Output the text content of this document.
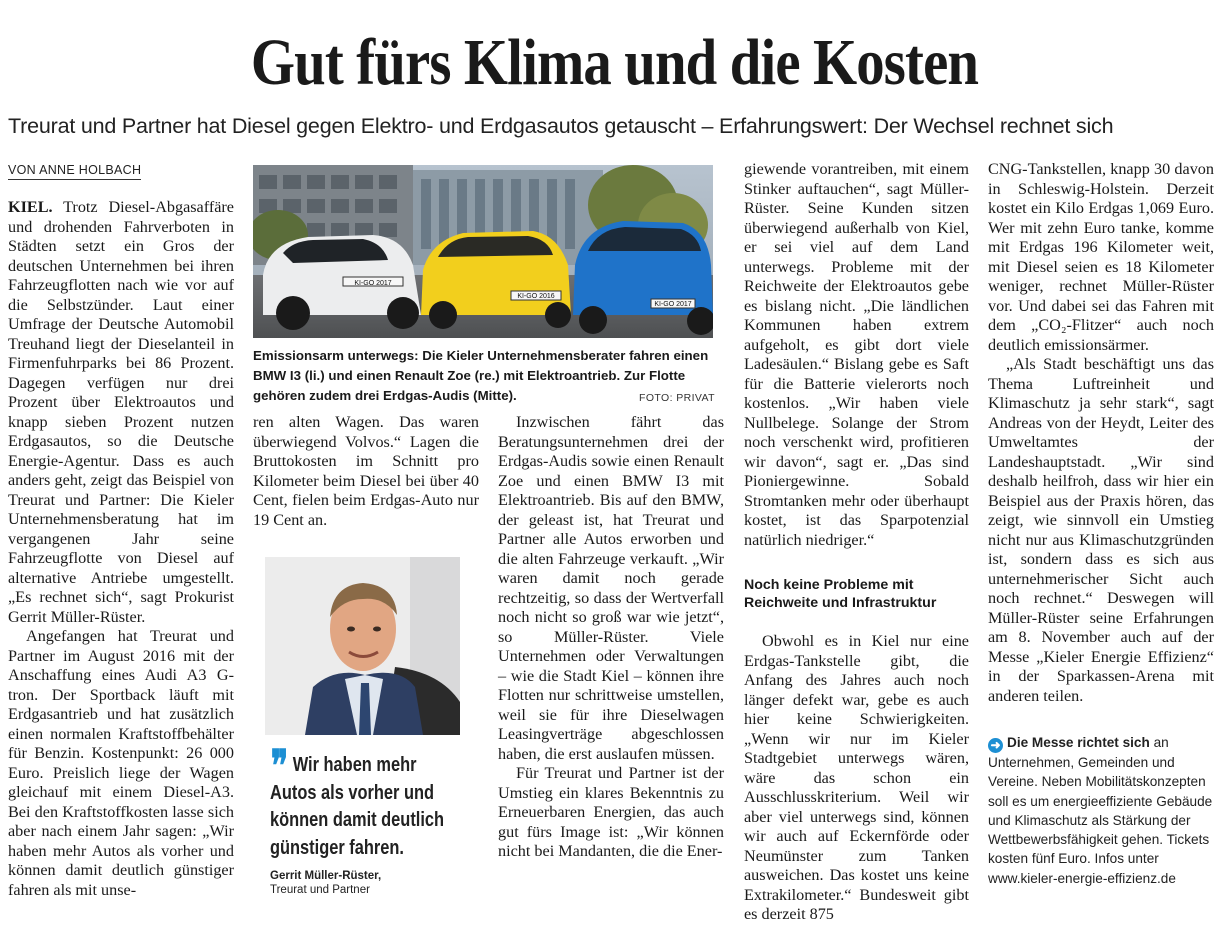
Gut fürs Klima und die Kosten

Treurat und Partner hat Diesel gegen Elektro- und Erdgasautos getauscht – Erfahrungswert: Der Wechsel rechnet sich

VON ANNE HOLBACH

KIEL. Trotz Diesel-Abgasaffäre und drohenden Fahrverboten in Städten setzt ein Gros der deutschen Unternehmen bei ihren Fahrzeugflotten nach wie vor auf die Selbstzünder. Laut einer Umfrage der Deutsche Automobil Treuhand liegt der Dieselanteil in Firmenfuhrparks bei 86 Prozent. Dagegen verfügen nur drei Prozent über Elektroautos und knapp sieben Prozent nutzen Erdgasautos, so die Deutsche Energie-Agentur. Dass es auch anders geht, zeigt das Beispiel von Treurat und Partner: Die Kieler Unternehmensberatung hat im vergangenen Jahr seine Fahrzeugflotte von Diesel auf alternative Antriebe umgestellt. „Es rechnet sich“, sagt Prokurist Gerrit Müller-Rüster.

Angefangen hat Treurat und Partner im August 2016 mit der Anschaffung eines Audi A3 G-tron. Der Sportback läuft mit Erdgasantrieb und hat zusätzlich einen normalen Kraftstoffbehälter für Benzin. Kostenpunkt: 26 000 Euro. Preislich liege der Wagen gleichauf mit einem Diesel-A3. Bei den Kraftstoffkosten lasse sich aber nach einem Jahr sagen: „Wir haben mehr Autos als vorher und können damit deutlich günstiger fahren als mit unse-

KI-GO 2017
KI-GO 2016
KI-GO 2017
Emissionsarm unterwegs: Die Kieler Unternehmensberater fahren einen BMW I3 (li.) und einen Renault Zoe (re.) mit Elektroantrieb. Zur Flotte gehören zudem drei Erdgas-Audis (Mitte).	FOTO: PRIVAT

ren alten Wagen. Das waren überwiegend Volvos.“ Lagen die Bruttokosten im Schnitt pro Kilometer beim Diesel bei über 40 Cent, fielen beim Erdgas-Auto nur 19 Cent an.

❞ Wir haben mehr
Autos als vorher und
können damit deutlich
günstiger fahren.
Gerrit Müller-Rüster,
Treurat und Partner

Inzwischen fährt das Beratungsunternehmen drei der Erdgas-Audis sowie einen Renault Zoe und einen BMW I3 mit Elektroantrieb. Bis auf den BMW, der geleast ist, hat Treurat und Partner alle Autos erworben und die alten Fahrzeuge verkauft. „Wir waren damit noch gerade rechtzeitig, so dass der Wertverfall noch nicht so groß war wie jetzt“, so Müller-Rüster. Viele Unternehmen oder Verwaltungen – wie die Stadt Kiel – können ihre Flotten nur schrittweise umstellen, weil sie für ihre Dieselwagen Leasingverträge abgeschlossen haben, die erst auslaufen müssen.

Für Treurat und Partner ist der Umstieg ein klares Bekenntnis zu Erneuerbaren Energien, das auch gut fürs Image ist: „Wir können nicht bei Mandanten, die die Ener-

giewende vorantreiben, mit einem Stinker auftauchen“, sagt Müller-Rüster. Seine Kunden sitzen überwiegend außerhalb von Kiel, er sei viel auf dem Land unterwegs. Probleme mit der Reichweite der Elektroautos gebe es bislang nicht. „Die ländlichen Kommunen haben extrem aufgeholt, es gibt dort viele Ladesäulen.“ Bislang gebe es Saft für die Batterie vielerorts noch kostenlos. „Wir haben viele Nullbelege. Solange der Strom noch verschenkt wird, profitieren wir davon“, sagt er. „Das sind Pioniergewinne. Sobald Stromtanken mehr oder überhaupt kostet, ist das Sparpotenzial natürlich niedriger.“

Noch keine Probleme mit Reichweite und Infrastruktur

Obwohl es in Kiel nur eine Erdgas-Tankstelle gibt, die Anfang des Jahres auch noch länger defekt war, gebe es auch hier keine Schwierigkeiten. „Wenn wir nur im Kieler Stadtgebiet unterwegs wären, wäre das schon ein Ausschlusskriterium. Weil wir aber viel unterwegs sind, können wir auch auf Eckernförde oder Neumünster zum Tanken ausweichen. Das kostet uns keine Extrakilometer.“ Bundesweit gibt es derzeit 875

CNG-Tankstellen, knapp 30 davon in Schleswig-Holstein. Derzeit kostet ein Kilo Erdgas 1,069 Euro. Wer mit zehn Euro tanke, komme mit Erdgas 196 Kilometer weit, mit Diesel seien es 18 Kilometer weniger, rechnet Müller-Rüster vor. Und dabei sei das Fahren mit dem „CO₂-Flitzer“ auch noch deutlich emissionsärmer.

„Als Stadt beschäftigt uns das Thema Luftreinheit und Klimaschutz ja sehr stark“, sagt Andreas von der Heydt, Leiter des Umweltamtes der Landeshauptstadt. „Wir sind deshalb heilfroh, dass wir hier ein Beispiel aus der Praxis hören, das zeigt, wie sinnvoll ein Umstieg nicht nur aus Klimaschutzgründen ist, sondern dass es sich aus unternehmerischer Sicht auch noch rechnet.“ Deswegen will Müller-Rüster seine Erfahrungen am 8. November auch auf der Messe „Kieler Energie Effizienz“ in der Sparkassen-Arena mit anderen teilen.

➜ Die Messe richtet sich an Unternehmen, Gemeinden und Vereine. Neben Mobilitätskonzepten soll es um energieeffiziente Gebäude und Klimaschutz als Stärkung der Wettbewerbsfähigkeit gehen. Tickets kosten fünf Euro. Infos unter www.kieler-energie-effizienz.de
